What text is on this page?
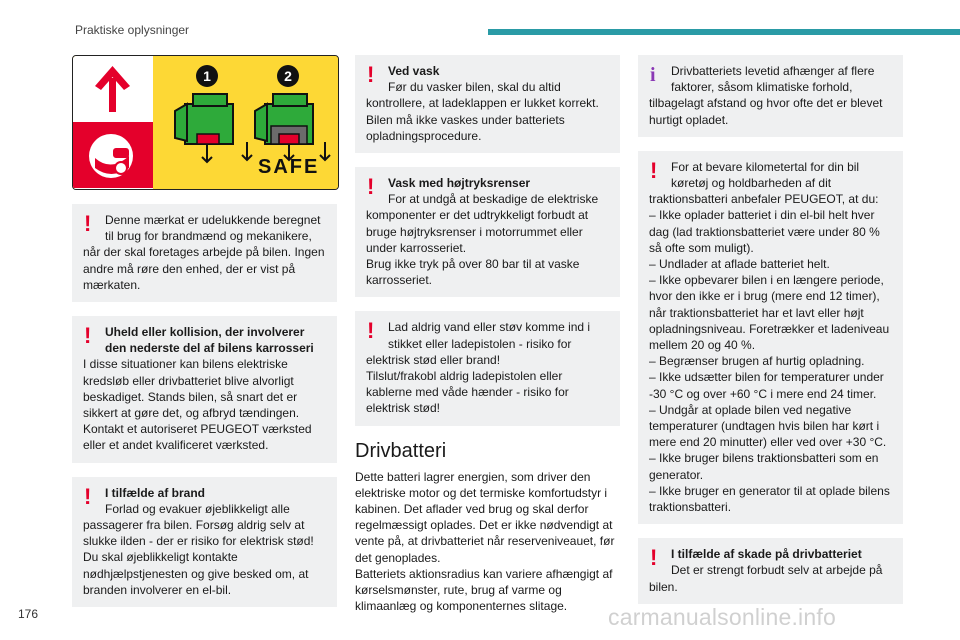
Praktiske oplysninger
1	2
SAFE
!	Denne mærkat er udelukkende beregnet til brug for brandmænd og mekanikere,

når der skal foretages arbejde på bilen. Ingen andre må røre den enhed, der er vist på mærkaten.

!	Uheld eller kollision, der involverer den nederste del af bilens karrosseri

I disse situationer kan bilens elektriske kredsløb eller drivbatteriet blive alvorligt beskadiget. Stands bilen, så snart det er sikkert at gøre det, og afbryd tændingen. Kontakt et autoriseret PEUGEOT værksted eller et andet kvalificeret værksted.

!	I tilfælde af brand
Forlad og evakuer øjeblikkeligt alle

passagerer fra bilen. Forsøg aldrig selv at slukke ilden - der er risiko for elektrisk stød! Du skal øjeblikkeligt kontakte nødhjælpstjenesten og give besked om, at branden involverer en el-bil.

!	Ved vask
Før du vasker bilen, skal du altid

kontrollere, at ladeklappen er lukket korrekt. Bilen må ikke vaskes under batteriets opladningsprocedure.

!	Vask med højtryksrenser
For at undgå at beskadige de elektriske

komponenter er det udtrykkeligt forbudt at bruge højtryksrenser i motorrummet eller under karrosseriet.

Brug ikke tryk på over 80 bar til at vaske karrosseriet.

!	Lad aldrig vand eller støv komme ind i stikket eller ladepistolen - risiko for

elektrisk stød eller brand!

Tilslut/frakobl aldrig ladepistolen eller kablerne med våde hænder - risiko for elektrisk stød!

Drivbatteri

Dette batteri lagrer energien, som driver den elektriske motor og det termiske komfortudstyr i kabinen. Det aflader ved brug og skal derfor regelmæssigt oplades. Det er ikke nødvendigt at vente på, at drivbatteriet når reserveniveauet, før det genoplades.

Batteriets aktionsradius kan variere afhængigt af kørselsmønster, rute, brug af varme og klimaanlæg og komponenternes slitage.

i	Drivbatteriets levetid afhænger af flere faktorer, såsom klimatiske forhold,

tilbagelagt afstand og hvor ofte det er blevet hurtigt opladet.

!	For at bevare kilometertal for din bil køretøj og holdbarheden af dit

traktionsbatteri anbefaler PEUGEOT, at du:

– Ikke oplader batteriet i din el-bil helt hver dag (lad traktionsbatteriet være under 80 % så ofte som muligt).

– Undlader at aflade batteriet helt.

– Ikke opbevarer bilen i en længere periode, hvor den ikke er i brug (mere end 12 timer), når traktionsbatteriet har et lavt eller højt opladningsniveau. Foretrækker et ladeniveau mellem 20 og 40 %.

– Begrænser brugen af hurtig opladning.

– Ikke udsætter bilen for temperaturer under -30 °C og over +60 °C i mere end 24 timer.

– Undgår at oplade bilen ved negative temperaturer (undtagen hvis bilen har kørt i mere end 20 minutter) eller ved over +30 °C.

– Ikke bruger bilens traktionsbatteri som en generator.

– Ikke bruger en generator til at oplade bilens traktionsbatteri.

!	I tilfælde af skade på drivbatteriet
Det er strengt forbudt selv at arbejde på

bilen.

176	carmanualsonline.info
